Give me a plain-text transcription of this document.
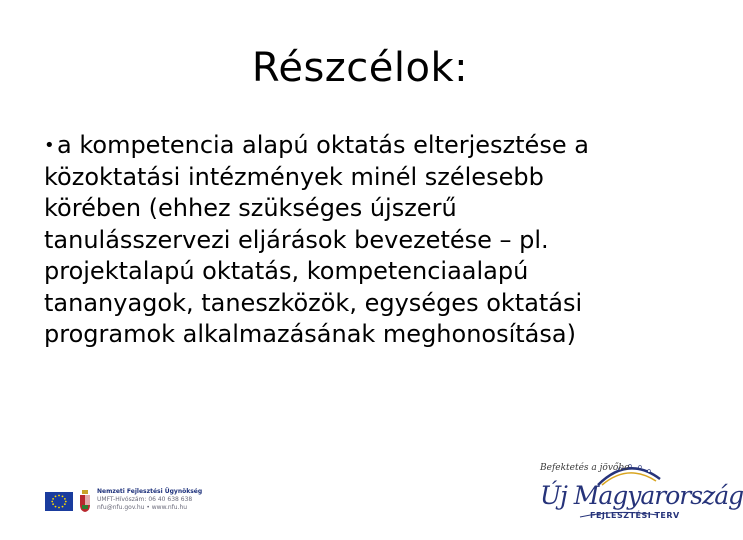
Részcélok:
•a kompetencia alapú oktatás elterjesztése a
közoktatási intézmények minél szélesebb
körében (ehhez szükséges újszerű
tanulásszervezi eljárások bevezetése – pl.
projektalapú oktatás, kompetenciaalapú
tananyagok, taneszközök, egységes oktatási
programok alkalmazásának meghonosítása)
Nemzeti Fejlesztési Ügynökség
UMFT-Hívószám: 06 40 638 638
nfu@nfu.gov.hu • www.nfu.hu
Befektetés a jövőbe
Új Magyarország
FEJLESZTÉSI TERV
